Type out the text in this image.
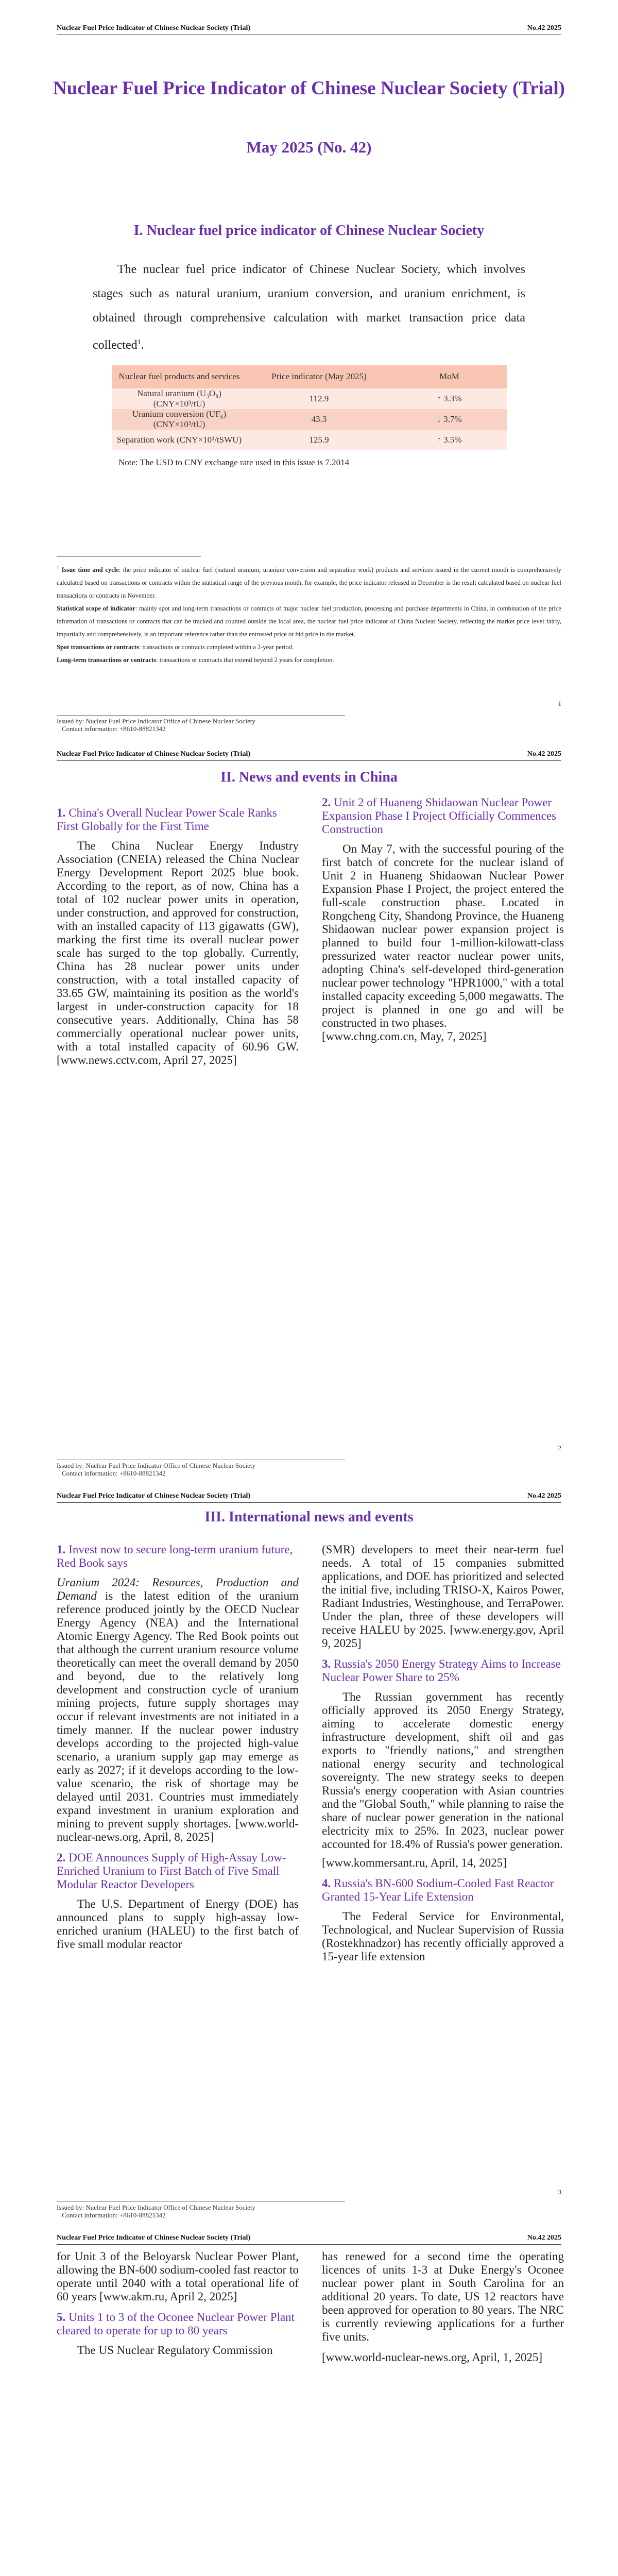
Nuclear Fuel Price Indicator of Chinese Nuclear Society (Trial)	No.42 2025
Nuclear Fuel Price Indicator of Chinese Nuclear Society (Trial)
May 2025 (No. 42)
I. Nuclear fuel price indicator of Chinese Nuclear Society
The nuclear fuel price indicator of Chinese Nuclear Society, which involves stages such as natural uranium, uranium conversion, and uranium enrichment, is obtained through comprehensive calculation with market transaction price data collected$^1$.
Nuclear fuel products and services	Price indicator (May 2025)	MoM
Natural uranium (U₃O₈) (CNY×10³/tU)	112.9	↑ 3.3%
Uranium conversion (UF₆) (CNY×10³/tU)	43.3	↓ 3.7%
Separation work (CNY×10³/tSWU)	125.9	↑ 3.5%
Note: The USD to CNY exchange rate used in this issue is 7.2014

$^1$ Issue time and cycle: the price indicator of nuclear fuel (natural uranium, uranium conversion and separation work) products and services issued in the current month is comprehensively calculated based on transactions or contracts within the statistical range of the previous month, for example, the price indicator released in December is the result calculated based on nuclear fuel transactions or contracts in November.

Statistical scope of indicator: mainly spot and long-term transactions or contracts of major nuclear fuel production, processing and purchase departments in China, in combination of the price information of transactions or contracts that can be tracked and counted outside the local area, the nuclear fuel price indicator of China Nuclear Society, reflecting the market price level fairly, impartially and comprehensively, is an important reference rather than the entrusted price or bid price in the market.

Spot transactions or contracts: transactions or contracts completed within a 2-year period.

Long-term transactions or contracts: transactions or contracts that extend beyond 2 years for completion.

1
Issued by: Nuclear Fuel Price Indicator Office of Chinese Nuclear Society
Contact information: +8610-88821342
Nuclear Fuel Price Indicator of Chinese Nuclear Society (Trial)	No.42 2025
II. News and events in China
1. China's Overall Nuclear Power Scale Ranks First Globally for the First Time

The China Nuclear Energy Industry Association (CNEIA) released the China Nuclear Energy Development Report 2025 blue book. According to the report, as of now, China has a total of 102 nuclear power units in operation, under construction, and approved for construction, with an installed capacity of 113 gigawatts (GW), marking the first time its overall nuclear power scale has surged to the top globally. Currently, China has 28 nuclear power units under construction, with a total installed capacity of 33.65 GW, maintaining its position as the world's largest in under-construction capacity for 18 consecutive years. Additionally, China has 58 commercially operational nuclear power units, with a total installed capacity of 60.96 GW. [www.news.cctv.com, April 27, 2025]

2. Unit 2 of Huaneng Shidaowan Nuclear Power Expansion Phase I Project Officially Commences Construction

On May 7, with the successful pouring of the first batch of concrete for the nuclear island of Unit 2 in Huaneng Shidaowan Nuclear Power Expansion Phase I Project, the project entered the full-scale construction phase. Located in Rongcheng City, Shandong Province, the Huaneng Shidaowan nuclear power expansion project is planned to build four 1-million-kilowatt-class pressurized water reactor nuclear power units, adopting China's self-developed third-generation nuclear power technology "HPR1000," with a total installed capacity exceeding 5,000 megawatts. The project is planned in one go and will be constructed in two phases.

[www.chng.com.cn, May, 7, 2025]

2
Issued by: Nuclear Fuel Price Indicator Office of Chinese Nuclear Society
Contact information: +8610-88821342
Nuclear Fuel Price Indicator of Chinese Nuclear Society (Trial)	No.42 2025
III. International news and events
1. Invest now to secure long-term uranium future, Red Book says

Uranium 2024: Resources, Production and Demand is the latest edition of the uranium reference produced jointly by the OECD Nuclear Energy Agency (NEA) and the International Atomic Energy Agency. The Red Book points out that although the current uranium resource volume theoretically can meet the overall demand by 2050 and beyond, due to the relatively long development and construction cycle of uranium mining projects, future supply shortages may occur if relevant investments are not initiated in a timely manner. If the nuclear power industry develops according to the projected high-value scenario, a uranium supply gap may emerge as early as 2027; if it develops according to the low-value scenario, the risk of shortage may be delayed until 2031. Countries must immediately expand investment in uranium exploration and mining to prevent supply shortages. [www.world-nuclear-news.org, April, 8, 2025]

2. DOE Announces Supply of High-Assay Low-Enriched Uranium to First Batch of Five Small Modular Reactor Developers

The U.S. Department of Energy (DOE) has announced plans to supply high-assay low-enriched uranium (HALEU) to the first batch of five small modular reactor

(SMR) developers to meet their near-term fuel needs. A total of 15 companies submitted applications, and DOE has prioritized and selected the initial five, including TRISO-X, Kairos Power, Radiant Industries, Westinghouse, and TerraPower. Under the plan, three of these developers will receive HALEU by 2025. [www.energy.gov, April 9, 2025]

3. Russia's 2050 Energy Strategy Aims to Increase Nuclear Power Share to 25%

The Russian government has recently officially approved its 2050 Energy Strategy, aiming to accelerate domestic energy infrastructure development, shift oil and gas exports to "friendly nations," and strengthen national energy security and technological sovereignty. The new strategy seeks to deepen Russia's energy cooperation with Asian countries and the "Global South," while planning to raise the share of nuclear power generation in the national electricity mix to 25%. In 2023, nuclear power accounted for 18.4% of Russia's power generation.

[www.kommersant.ru, April, 14, 2025]

4. Russia's BN-600 Sodium-Cooled Fast Reactor Granted 15-Year Life Extension

The Federal Service for Environmental, Technological, and Nuclear Supervision of Russia (Rostekhnadzor) has recently officially approved a 15-year life extension

3
Issued by: Nuclear Fuel Price Indicator Office of Chinese Nuclear Society
Contact information: +8610-88821342
Nuclear Fuel Price Indicator of Chinese Nuclear Society (Trial)	No.42 2025

for Unit 3 of the Beloyarsk Nuclear Power Plant, allowing the BN-600 sodium-cooled fast reactor to operate until 2040 with a total operational life of 60 years [www.akm.ru, April 2, 2025]

5. Units 1 to 3 of the Oconee Nuclear Power Plant cleared to operate for up to 80 years

The US Nuclear Regulatory Commission

has renewed for a second time the operating licences of units 1-3 at Duke Energy's Oconee nuclear power plant in South Carolina for an additional 20 years. To date, US 12 reactors have been approved for operation to 80 years. The NRC is currently reviewing applications for a further five units.

[www.world-nuclear-news.org, April, 1, 2025]
